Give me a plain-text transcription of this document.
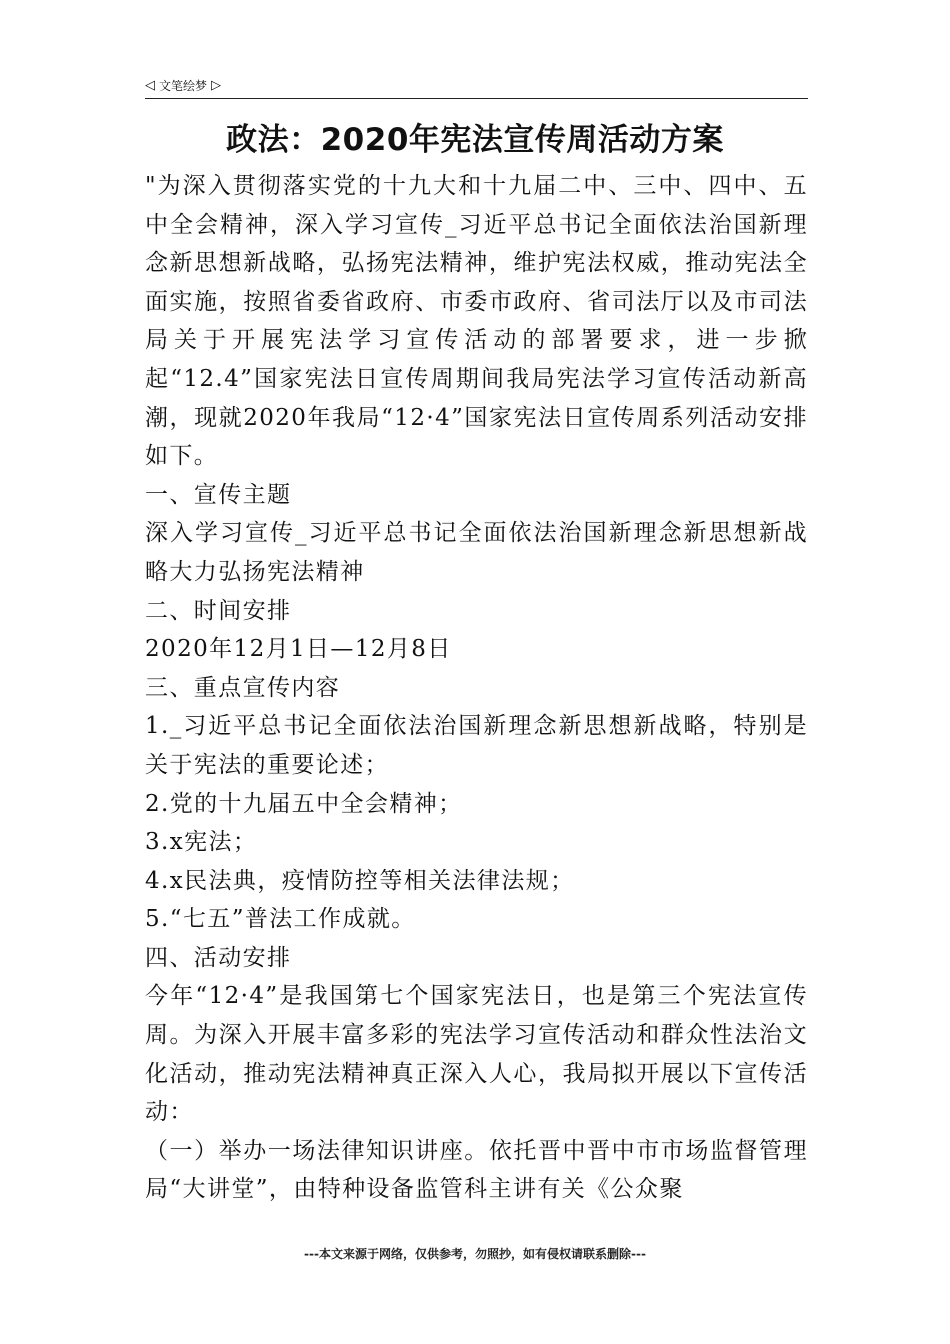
◁ 文笔绘梦 ▷
政法：2020年宪法宣传周活动方案

"为深入贯彻落实党的十九大和十九届二中、三中、四中、五中全会精神，深入学习宣传_习近平总书记全面依法治国新理念新思想新战略，弘扬宪法精神，维护宪法权威，推动宪法全面实施，按照省委省政府、市委市政府、省司法厅以及市司法局关于开展宪法学习宣传活动的部署要求，进一步掀起“12.4”国家宪法日宣传周期间我局宪法学习宣传活动新高潮，现就2020年我局“12·4”国家宪法日宣传周系列活动安排如下。

一、宣传主题

深入学习宣传_习近平总书记全面依法治国新理念新思想新战略大力弘扬宪法精神

二、时间安排

2020年12月1日—12月8日

三、重点宣传内容

1._习近平总书记全面依法治国新理念新思想新战略，特别是关于宪法的重要论述；

2.党的十九届五中全会精神；

3.x宪法；

4.x民法典，疫情防控等相关法律法规；

5.“七五”普法工作成就。

四、活动安排

今年“12·4”是我国第七个国家宪法日，也是第三个宪法宣传周。为深入开展丰富多彩的宪法学习宣传活动和群众性法治文化活动，推动宪法精神真正深入人心，我局拟开展以下宣传活动：

（一）举办一场法律知识讲座。依托晋中晋中市市场监督管理局“大讲堂”，由特种设备监管科主讲有关《公众聚

---本文来源于网络，仅供参考，勿照抄，如有侵权请联系删除---
